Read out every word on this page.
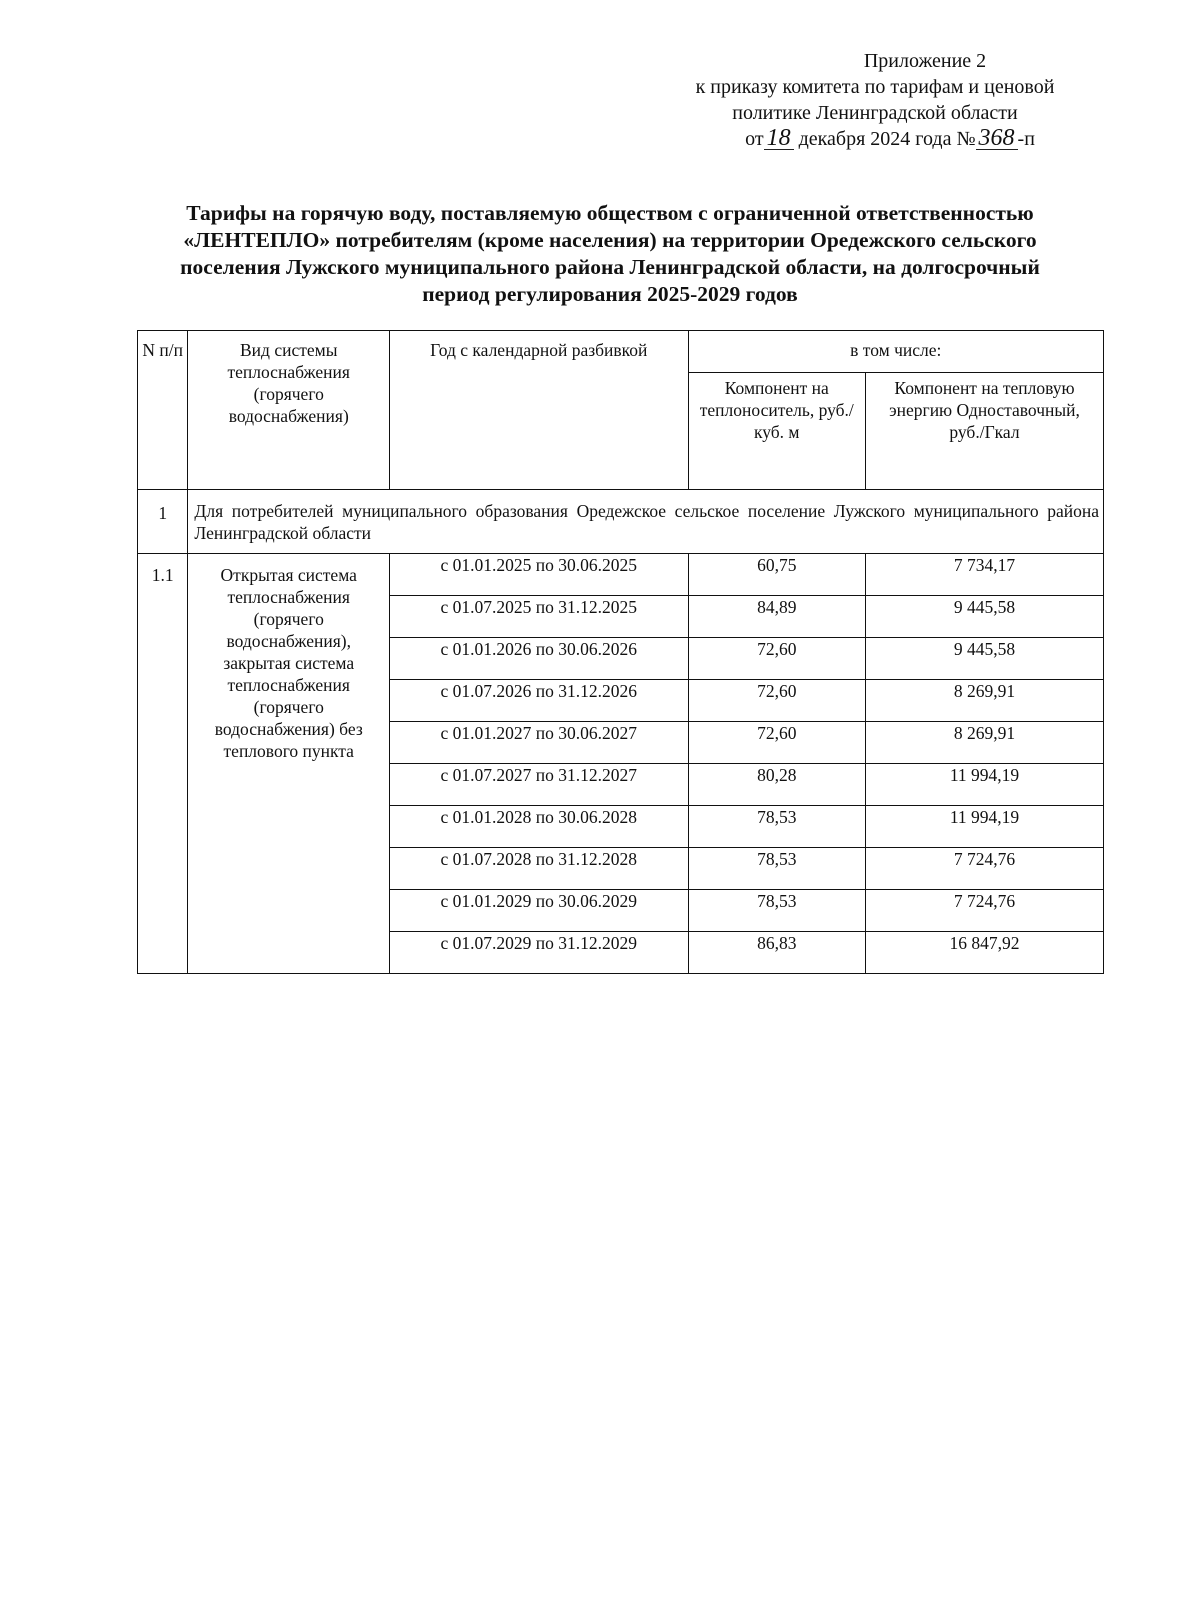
Приложение 2
к приказу комитета по тарифам и ценовой
политике Ленинградской области
от 18 декабря 2024 года № 368 -п
Тарифы на горячую воду, поставляемую обществом с ограниченной ответственностью
«ЛЕНТЕПЛО» потребителям (кроме населения) на территории Оредежского сельского
поселения Лужского муниципального района Ленинградской области, на долгосрочный
период регулирования 2025-2029 годов
N п/п	Вид системы теплоснабжения (горячего водоснабжения)	Год с календарной разбивкой	в том числе:	
			Компонент на теплоноситель, руб./куб. м	Компонент на тепловую энергию Одноставочный, руб./Гкал
1	Для потребителей муниципального образования Оредежское сельское поселение Лужского муниципального района Ленинградской области			
1.1	Открытая система теплоснабжения (горячего водоснабжения), закрытая система теплоснабжения (горячего водоснабжения) без теплового пункта	с 01.01.2025 по 30.06.2025	60,75	7 734,17
		с 01.07.2025 по 31.12.2025	84,89	9 445,58
		с 01.01.2026 по 30.06.2026	72,60	9 445,58
		с 01.07.2026 по 31.12.2026	72,60	8 269,91
		с 01.01.2027 по 30.06.2027	72,60	8 269,91
		с 01.07.2027 по 31.12.2027	80,28	11 994,19
		с 01.01.2028 по 30.06.2028	78,53	11 994,19
		с 01.07.2028 по 31.12.2028	78,53	7 724,76
		с 01.01.2029 по 30.06.2029	78,53	7 724,76
		с 01.07.2029 по 31.12.2029	86,83	16 847,92
